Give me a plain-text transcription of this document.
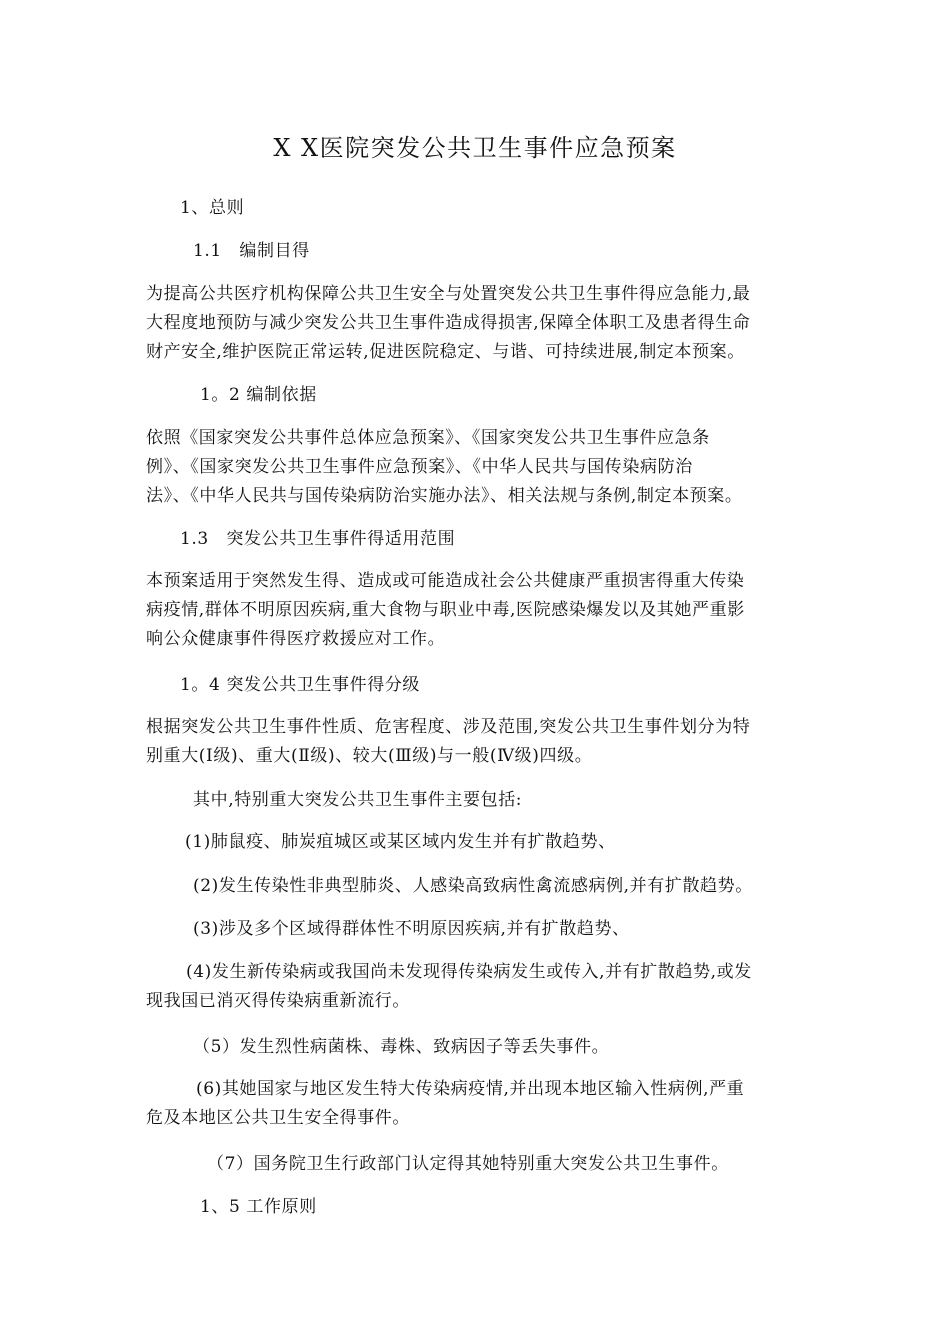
X X医院突发公共卫生事件应急预案
1、总则
1.1　编制目得
为提高公共医疗机构保障公共卫生安全与处置突发公共卫生事件得应急能力,最
大程度地预防与减少突发公共卫生事件造成得损害,保障全体职工及患者得生命
财产安全,维护医院正常运转,促进医院稳定、与谐、可持续进展,制定本预案。
1。2 编制依据
依照《国家突发公共事件总体应急预案》、《国家突发公共卫生事件应急条
例》、《国家突发公共卫生事件应急预案》、《中华人民共与国传染病防治
法》、《中华人民共与国传染病防治实施办法》、相关法规与条例,制定本预案。
1.3　突发公共卫生事件得适用范围
本预案适用于突然发生得、造成或可能造成社会公共健康严重损害得重大传染
病疫情,群体不明原因疾病,重大食物与职业中毒,医院感染爆发以及其她严重影
响公众健康事件得医疗救援应对工作。
1。4 突发公共卫生事件得分级
根据突发公共卫生事件性质、危害程度、涉及范围,突发公共卫生事件划分为特
别重大(Ⅰ级)、重大(Ⅱ级)、较大(Ⅲ级)与一般(Ⅳ级)四级。
其中,特别重大突发公共卫生事件主要包括:
(1)肺鼠疫、肺炭疽城区或某区域内发生并有扩散趋势、
(2)发生传染性非典型肺炎、人感染高致病性禽流感病例,并有扩散趋势。
(3)涉及多个区域得群体性不明原因疾病,并有扩散趋势、
(4)发生新传染病或我国尚未发现得传染病发生或传入,并有扩散趋势,或发
现我国已消灭得传染病重新流行。
（5）发生烈性病菌株、毒株、致病因子等丢失事件。
(6)其她国家与地区发生特大传染病疫情,并出现本地区输入性病例,严重
危及本地区公共卫生安全得事件。
（7）国务院卫生行政部门认定得其她特别重大突发公共卫生事件。
1、5 工作原则
